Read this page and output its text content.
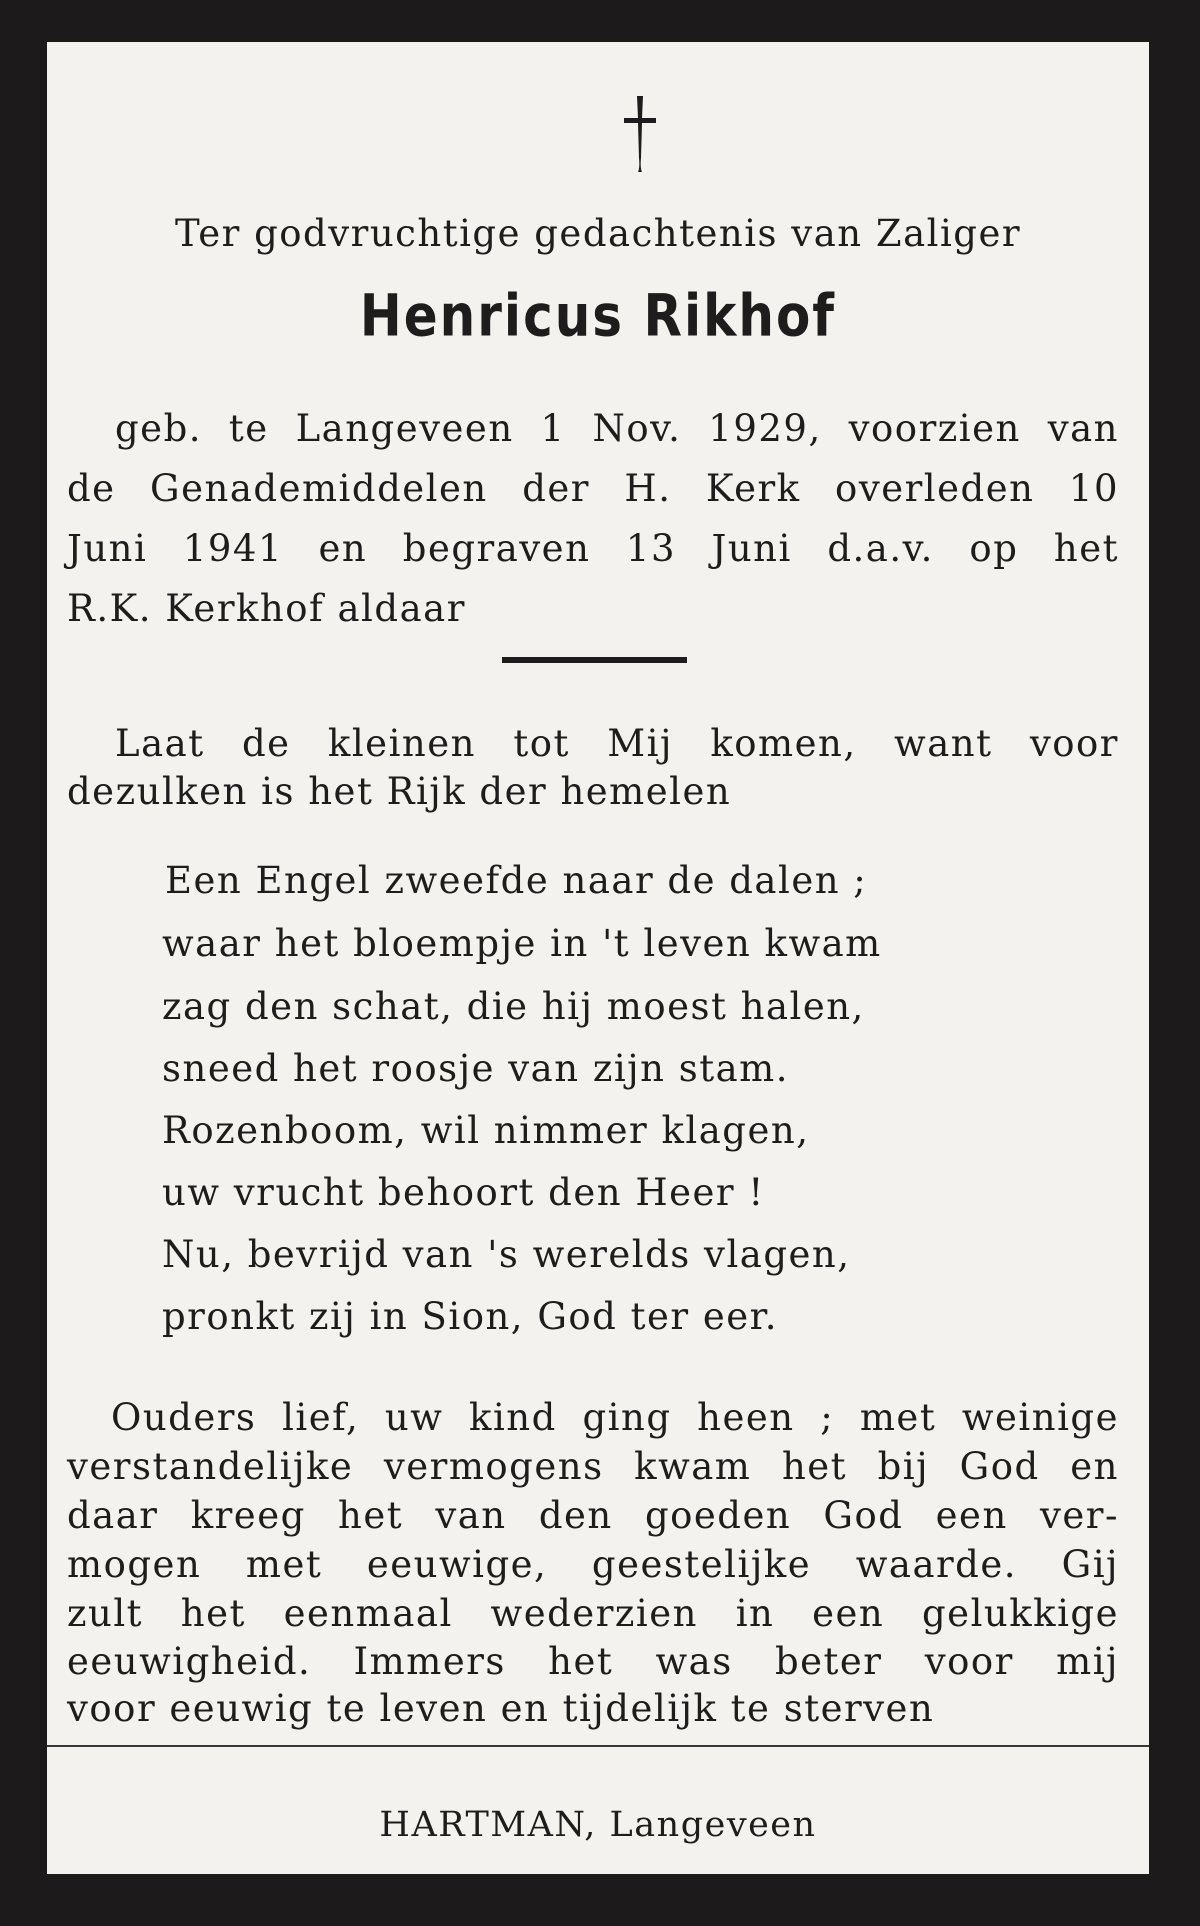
Ter godvruchtige gedachtenis van Zaliger
Henricus Rikhof
geb. te Langeveen 1 Nov. 1929, voorzien van
de Genademiddelen der H. Kerk overleden 10
Juni 1941 en begraven 13 Juni d.a.v. op het
R.K. Kerkhof aldaar
Laat de kleinen tot Mij komen, want voor
dezulken is het Rijk der hemelen
Een Engel zweefde naar de dalen ;
waar het bloempje in 't leven kwam
zag den schat, die hij moest halen,
sneed het roosje van zijn stam.
Rozenboom, wil nimmer klagen,
uw vrucht behoort den Heer !
Nu, bevrijd van 's werelds vlagen,
pronkt zij in Sion, God ter eer.
Ouders lief, uw kind ging heen ; met weinige
verstandelijke vermogens kwam het bij God en
daar kreeg het van den goeden God een ver-
mogen met eeuwige, geestelijke waarde. Gij
zult het eenmaal wederzien in een gelukkige
eeuwigheid. Immers het was beter voor mij
voor eeuwig te leven en tijdelijk te sterven
HARTMAN, Langeveen
